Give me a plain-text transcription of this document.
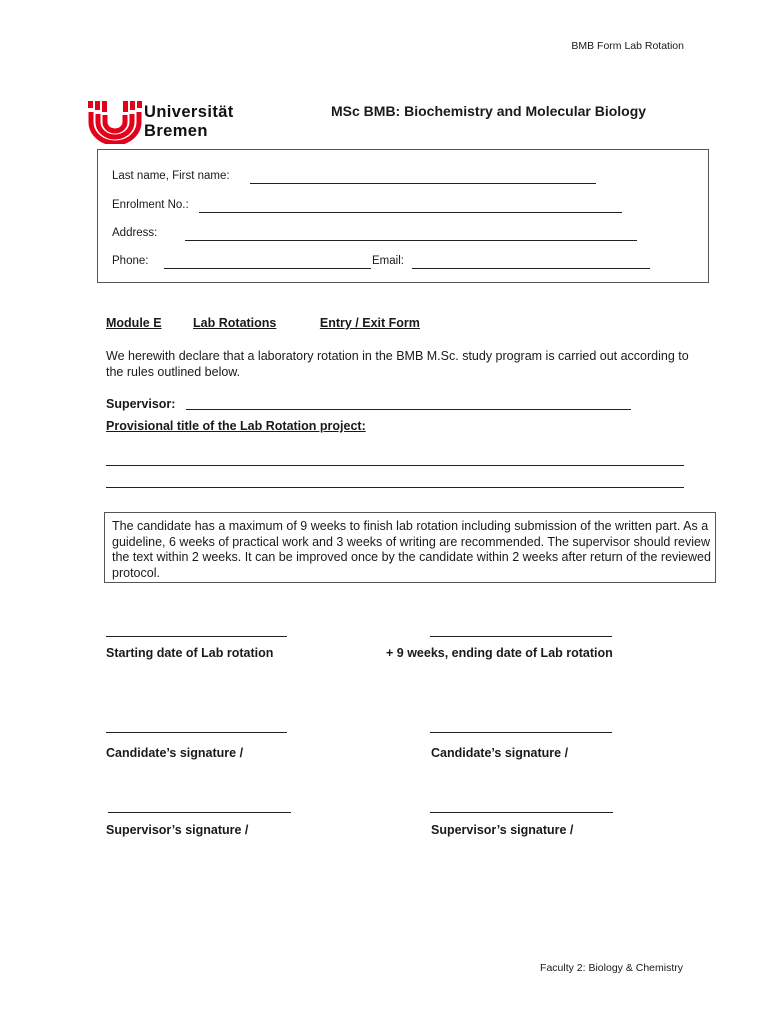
BMB Form Lab Rotation
Universität
Bremen
MSc BMB: Biochemistry and Molecular Biology
Last name, First name:
Enrolment No.:
Address:
Phone:	Email:
Module E	Lab Rotations	Entry / Exit Form
We herewith declare that a laboratory rotation in the BMB M.Sc. study program is carried out according to the rules outlined below.
Supervisor:
Provisional title of the Lab Rotation project:
The candidate has a maximum of 9 weeks to finish lab rotation including submission of the written part. As a guideline, 6 weeks of practical work and 3 weeks of writing are recommended. The supervisor should review the text within 2 weeks. It can be improved once by the candidate within 2 weeks after return of the reviewed protocol.
Starting date of Lab rotation	+ 9 weeks, ending date of Lab rotation
Candidate’s signature /	Candidate’s signature /
Supervisor’s signature /	Supervisor’s signature /
Faculty 2: Biology & Chemistry
